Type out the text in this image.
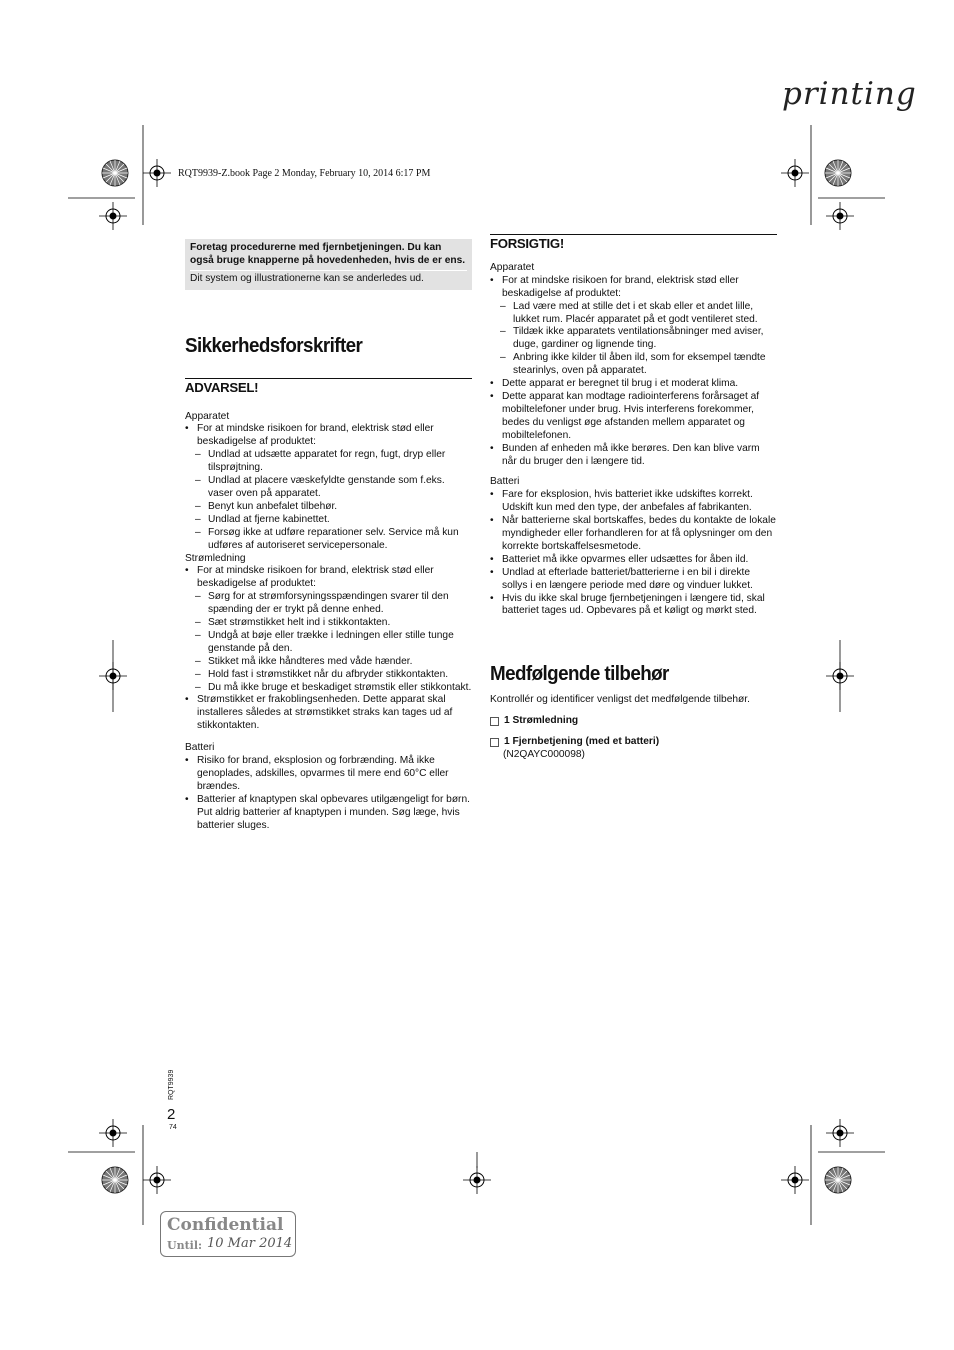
printing
RQT9939-Z.book Page 2 Monday, February 10, 2014 6:17 PM

Foretag procedurerne med fjernbetjeningen. Du kan også bruge knapperne på hovedenheden, hvis de er ens.

Dit system og illustrationerne kan se anderledes ud.

Sikkerhedsforskrifter
ADVARSEL!

Apparatet

• For at mindske risikoen for brand, elektrisk stød eller beskadigelse af produktet:
– Undlad at udsætte apparatet for regn, fugt, dryp eller tilsprøjtning.
– Undlad at placere væskefyldte genstande som f.eks. vaser oven på apparatet.
– Benyt kun anbefalet tilbehør.
– Undlad at fjerne kabinettet.
– Forsøg ikke at udføre reparationer selv. Service må kun udføres af autoriseret servicepersonale.

Strømledning

• For at mindske risikoen for brand, elektrisk stød eller beskadigelse af produktet:
– Sørg for at strømforsyningsspændingen svarer til den spænding der er trykt på denne enhed.
– Sæt strømstikket helt ind i stikkontakten.
– Undgå at bøje eller trække i ledningen eller stille tunge genstande på den.
– Stikket må ikke håndteres med våde hænder.
– Hold fast i strømstikket når du afbryder stikkontakten.
– Du må ikke bruge et beskadiget strømstik eller stikkontakt.
• Strømstikket er frakoblingsenheden. Dette apparat skal installeres således at strømstikket straks kan tages ud af stikkontakten.

Batteri

• Risiko for brand, eksplosion og forbrænding. Må ikke genoplades, adskilles, opvarmes til mere end 60°C eller brændes.
• Batterier af knaptypen skal opbevares utilgængeligt for børn. Put aldrig batterier af knaptypen i munden. Søg læge, hvis batterier sluges.
FORSIGTIG!

Apparatet

• For at mindske risikoen for brand, elektrisk stød eller beskadigelse af produktet:
– Lad være med at stille det i et skab eller et andet lille, lukket rum. Placér apparatet på et godt ventileret sted.
– Tildæk ikke apparatets ventilationsåbninger med aviser, duge, gardiner og lignende ting.
– Anbring ikke kilder til åben ild, som for eksempel tændte stearinlys, oven på apparatet.
• Dette apparat er beregnet til brug i et moderat klima.
• Dette apparat kan modtage radiointerferens forårsaget af mobiltelefoner under brug. Hvis interferens forekommer, bedes du venligst øge afstanden mellem apparatet og mobiltelefonen.
• Bunden af enheden må ikke berøres. Den kan blive varm når du bruger den i længere tid.

Batteri

• Fare for eksplosion, hvis batteriet ikke udskiftes korrekt. Udskift kun med den type, der anbefales af fabrikanten.
• Når batterierne skal bortskaffes, bedes du kontakte de lokale myndigheder eller forhandleren for at få oplysninger om den korrekte bortskaffelsesmetode.
• Batteriet må ikke opvarmes eller udsættes for åben ild.
• Undlad at efterlade batteriet/batterierne i en bil i direkte sollys i en længere periode med døre og vinduer lukket.
• Hvis du ikke skal bruge fjernbetjeningen i længere tid, skal batteriet tages ud. Opbevares på et køligt og mørkt sted.
Medfølgende tilbehør

Kontrollér og identificer venligst det medfølgende tilbehør.

1 Strømledning

1 Fjernbetjening (med et batteri)

(N2QAYC000098)

RQT9939
2
74
Confidential
Until: 10 Mar 2014
